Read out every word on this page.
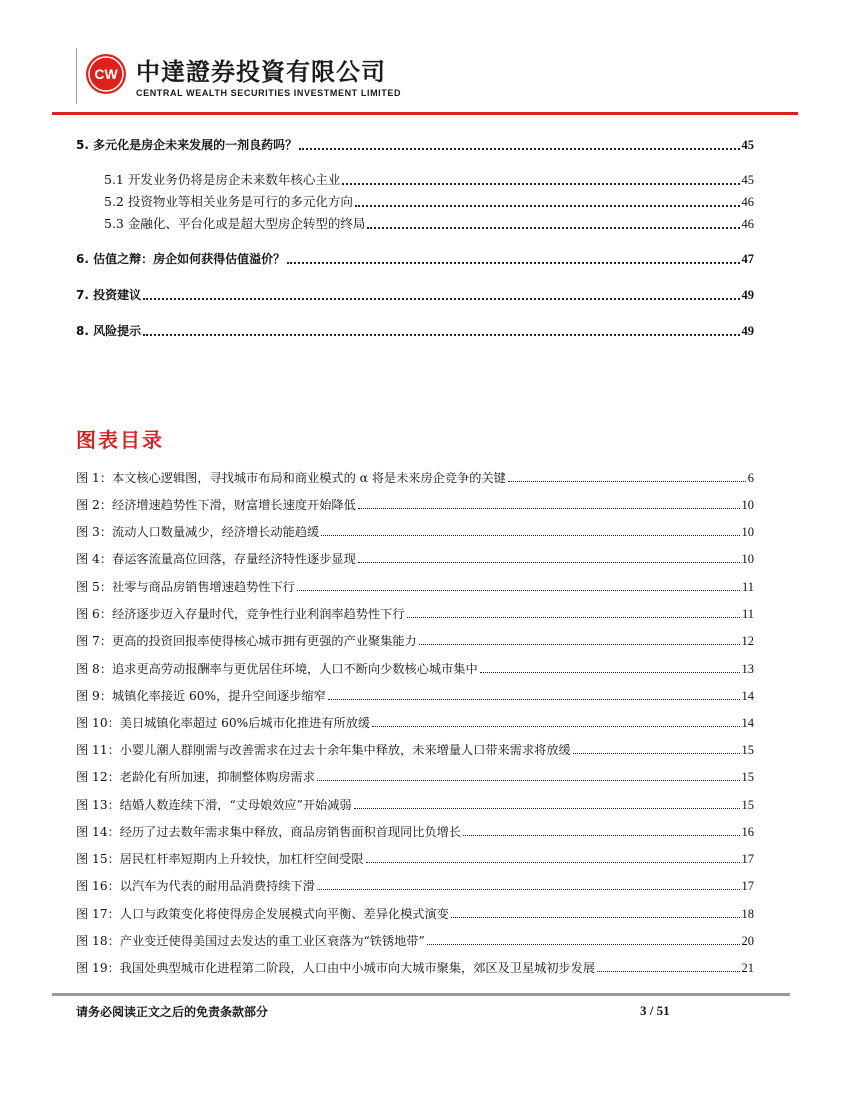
CW 中達證券投資有限公司
CENTRAL WEALTH SECURITIES INVESTMENT LIMITED
5. 多元化是房企未来发展的一剂良药吗？	45
5.1 开发业务仍将是房企未来数年核心主业	45
5.2 投资物业等相关业务是可行的多元化方向	46
5.3 金融化、平台化或是超大型房企转型的终局	46
6. 估值之辩：房企如何获得估值溢价？	47
7. 投资建议	49
8. 风险提示	49
图表目录
图 1：本文核心逻辑图，寻找城市布局和商业模式的 α 将是未来房企竞争的关键	6
图 2：经济增速趋势性下滑，财富增长速度开始降低	10
图 3：流动人口数量减少，经济增长动能趋缓	10
图 4：春运客流量高位回落，存量经济特性逐步显现	10
图 5：社零与商品房销售增速趋势性下行	11
图 6：经济逐步迈入存量时代，竞争性行业利润率趋势性下行	11
图 7：更高的投资回报率使得核心城市拥有更强的产业聚集能力	12
图 8：追求更高劳动报酬率与更优居住环境，人口不断向少数核心城市集中	13
图 9：城镇化率接近 60%，提升空间逐步缩窄	14
图 10：美日城镇化率超过 60%后城市化推进有所放缓	14
图 11：小婴儿潮人群刚需与改善需求在过去十余年集中释放，未来增量人口带来需求将放缓	15
图 12：老龄化有所加速，抑制整体购房需求	15
图 13：结婚人数连续下滑，“丈母娘效应”开始减弱	15
图 14：经历了过去数年需求集中释放，商品房销售面积首现同比负增长	16
图 15：居民杠杆率短期内上升较快，加杠杆空间受限	17
图 16：以汽车为代表的耐用品消费持续下滑	17
图 17：人口与政策变化将使得房企发展模式向平衡、差异化模式演变	18
图 18：产业变迁使得美国过去发达的重工业区衰落为“铁锈地带”	20
图 19：我国处典型城市化进程第二阶段，人口由中小城市向大城市聚集，郊区及卫星城初步发展	21
请务必阅读正文之后的免责条款部分	3 / 51
